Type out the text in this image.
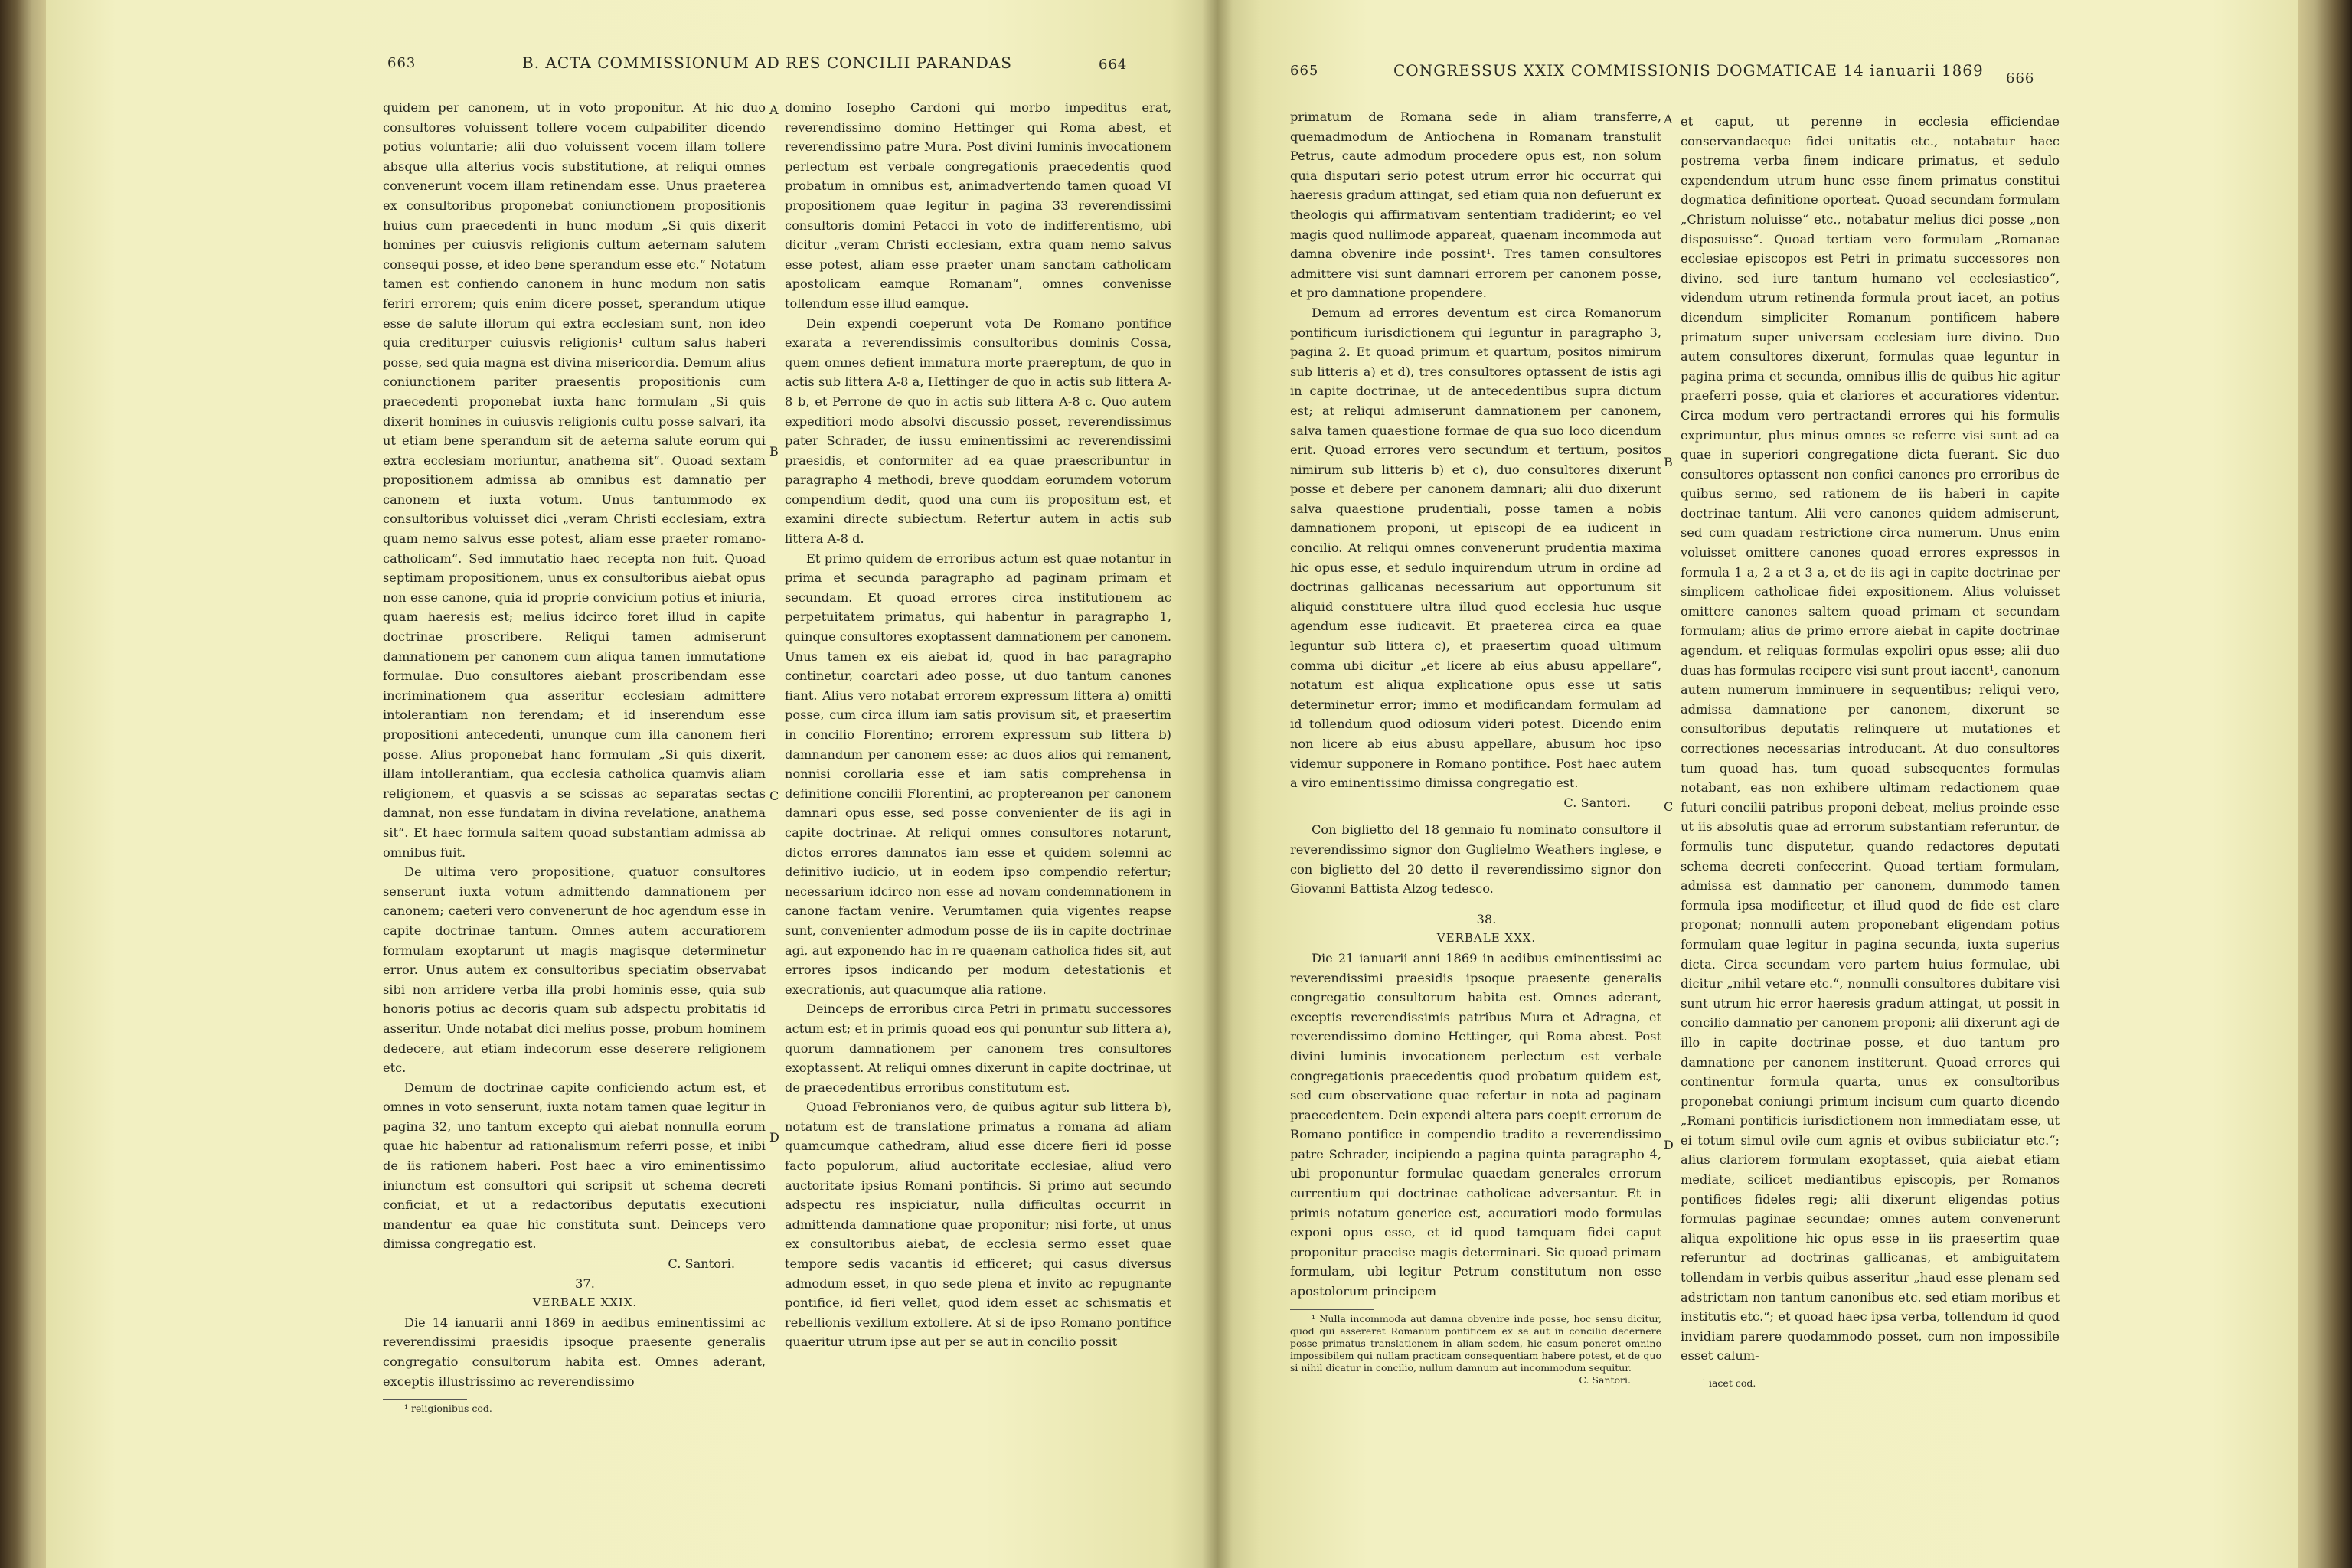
663	B. ACTA COMMISSIONUM AD RES CONCILII PARANDAS	664

quidem per canonem, ut in voto proponitur. At hic duo consultores voluissent tollere vocem culpabiliter dicendo potius voluntarie; alii duo voluissent vocem illam tollere absque ulla alterius vocis substitutione, at reliqui omnes convenerunt vocem illam retinendam esse. Unus praeterea ex consultoribus proponebat coniunctionem propositionis huius cum praecedenti in hunc modum „Si quis dixerit homines per cuiusvis religionis cultum aeternam salutem consequi posse, et ideo bene sperandum esse etc.“ Notatum tamen est confiendo canonem in hunc modum non satis feriri errorem; quis enim dicere posset, sperandum utique esse de salute illorum qui extra ecclesiam sunt, non ideo quia crediturper cuiusvis religionis¹ cultum salus haberi posse, sed quia magna est divina misericordia. Demum alius coniunctionem pariter praesentis propositionis cum praecedenti proponebat iuxta hanc formulam „Si quis dixerit homines in cuiusvis religionis cultu posse salvari, ita ut etiam bene sperandum sit de aeterna salute eorum qui extra ecclesiam moriuntur, anathema sit“. Quoad sextam propositionem admissa ab omnibus est damnatio per canonem et iuxta votum. Unus tantummodo ex consultoribus voluisset dici „veram Christi ecclesiam, extra quam nemo salvus esse potest, aliam esse praeter romano-catholicam“. Sed immutatio haec recepta non fuit. Quoad septimam propositionem, unus ex consultoribus aiebat opus non esse canone, quia id proprie convicium potius et iniuria, quam haeresis est; melius idcirco foret illud in capite doctrinae proscribere. Reliqui tamen admiserunt damnationem per canonem cum aliqua tamen immutatione formulae. Duo consultores aiebant proscribendam esse incriminationem qua asseritur ecclesiam admittere intolerantiam non ferendam; et id inserendum esse propositioni antecedenti, ununque cum illa canonem fieri posse. Alius proponebat hanc formulam „Si quis dixerit, illam intollerantiam, qua ecclesia catholica quamvis aliam religionem, et quasvis a se scissas ac separatas sectas damnat, non esse fundatam in divina revelatione, anathema sit“. Et haec formula saltem quoad substantiam admissa ab omnibus fuit.

De ultima vero propositione, quatuor consultores senserunt iuxta votum admittendo damnationem per canonem; caeteri vero convenerunt de hoc agendum esse in capite doctrinae tantum. Omnes autem accuratiorem formulam exoptarunt ut magis magisque determinetur error. Unus autem ex consultoribus speciatim observabat sibi non arridere verba illa probi hominis esse, quia sub honoris potius ac decoris quam sub adspectu probitatis id asseritur. Unde notabat dici melius posse, probum hominem dedecere, aut etiam indecorum esse deserere religionem etc.

Demum de doctrinae capite conficiendo actum est, et omnes in voto senserunt, iuxta notam tamen quae legitur in pagina 32, uno tantum excepto qui aiebat nonnulla eorum quae hic habentur ad rationalismum referri posse, et inibi de iis rationem haberi. Post haec a viro eminentissimo iniunctum est consultori qui scripsit ut schema decreti conficiat, et ut a redactoribus deputatis executioni mandentur ea quae hic constituta sunt. Deinceps vero dimissa congregatio est.

C. Santori.

37.

VERBALE XXIX.

Die 14 ianuarii anni 1869 in aedibus eminentissimi ac reverendissimi praesidis ipsoque praesente generalis congregatio consultorum habita est. Omnes aderant, exceptis illustrissimo ac reverendissimo

¹ religionibus cod.

A
B
C
D

domino Iosepho Cardoni qui morbo impeditus erat, reverendissimo domino Hettinger qui Roma abest, et reverendissimo patre Mura. Post divini luminis invocationem perlectum est verbale congregationis praecedentis quod probatum in omnibus est, animadvertendo tamen quoad VI propositionem quae legitur in pagina 33 reverendissimi consultoris domini Petacci in voto de indifferentismo, ubi dicitur „veram Christi ecclesiam, extra quam nemo salvus esse potest, aliam esse praeter unam sanctam catholicam apostolicam eamque Romanam“, omnes convenisse tollendum esse illud eamque.

Dein expendi coeperunt vota De Romano pontifice exarata a reverendissimis consultoribus dominis Cossa, quem omnes defient immatura morte praereptum, de quo in actis sub littera A-8 a, Hettinger de quo in actis sub littera A-8 b, et Perrone de quo in actis sub littera A-8 c. Quo autem expeditiori modo absolvi discussio posset, reverendissimus pater Schrader, de iussu eminentissimi ac reverendissimi praesidis, et conformiter ad ea quae praescribuntur in paragrapho 4 methodi, breve quoddam eorumdem votorum compendium dedit, quod una cum iis propositum est, et examini directe subiectum. Refertur autem in actis sub littera A-8 d.

Et primo quidem de erroribus actum est quae notantur in prima et secunda paragrapho ad paginam primam et secundam. Et quoad errores circa institutionem ac perpetuitatem primatus, qui habentur in paragrapho 1, quinque consultores exoptassent damnationem per canonem. Unus tamen ex eis aiebat id, quod in hac paragrapho continetur, coarctari adeo posse, ut duo tantum canones fiant. Alius vero notabat errorem expressum littera a) omitti posse, cum circa illum iam satis provisum sit, et praesertim in concilio Florentino; errorem expressum sub littera b) damnandum per canonem esse; ac duos alios qui remanent, nonnisi corollaria esse et iam satis comprehensa in definitione concilii Florentini, ac proptereanon per canonem damnari opus esse, sed posse convenienter de iis agi in capite doctrinae. At reliqui omnes consultores notarunt, dictos errores damnatos iam esse et quidem solemni ac definitivo iudicio, ut in eodem ipso compendio refertur; necessarium idcirco non esse ad novam condemnationem in canone factam venire. Verumtamen quia vigentes reapse sunt, convenienter admodum posse de iis in capite doctrinae agi, aut exponendo hac in re quaenam catholica fides sit, aut errores ipsos indicando per modum detestationis et execrationis, aut quacumque alia ratione.

Deinceps de erroribus circa Petri in primatu successores actum est; et in primis quoad eos qui ponuntur sub littera a), quorum damnationem per canonem tres consultores exoptassent. At reliqui omnes dixerunt in capite doctrinae, ut de praecedentibus erroribus constitutum est.

Quoad Febronianos vero, de quibus agitur sub littera b), notatum est de translatione primatus a romana ad aliam quamcumque cathedram, aliud esse dicere fieri id posse facto populorum, aliud auctoritate ecclesiae, aliud vero auctoritate ipsius Romani pontificis. Si primo aut secundo adspectu res inspiciatur, nulla difficultas occurrit in admittenda damnatione quae proponitur; nisi forte, ut unus ex consultoribus aiebat, de ecclesia sermo esset quae tempore sedis vacantis id efficeret; qui casus diversus admodum esset, in quo sede plena et invito ac repugnante pontifice, id fieri vellet, quod idem esset ac schismatis et rebellionis vexillum extollere. At si de ipso Romano pontifice quaeritur utrum ipse aut per se aut in concilio possit

665	CONGRESSUS XXIX COMMISSIONIS DOGMATICAE 14 ianuarii 1869 666

primatum de Romana sede in aliam transferre, quemadmodum de Antiochena in Romanam transtulit Petrus, caute admodum procedere opus est, non solum quia disputari serio potest utrum error hic occurrat qui haeresis gradum attingat, sed etiam quia non defuerunt ex theologis qui affirmativam sententiam tradiderint; eo vel magis quod nullimode appareat, quaenam incommoda aut damna obvenire inde possint¹. Tres tamen consultores admittere visi sunt damnari errorem per canonem posse, et pro damnatione propendere.

Demum ad errores deventum est circa Romanorum pontificum iurisdictionem qui leguntur in paragrapho 3, pagina 2. Et quoad primum et quartum, positos nimirum sub litteris a) et d), tres consultores optassent de istis agi in capite doctrinae, ut de antecedentibus supra dictum est; at reliqui admiserunt damnationem per canonem, salva tamen quaestione formae de qua suo loco dicendum erit. Quoad errores vero secundum et tertium, positos nimirum sub litteris b) et c), duo consultores dixerunt posse et debere per canonem damnari; alii duo dixerunt salva quaestione prudentiali, posse tamen a nobis damnationem proponi, ut episcopi de ea iudicent in concilio. At reliqui omnes convenerunt prudentia maxima hic opus esse, et sedulo inquirendum utrum in ordine ad doctrinas gallicanas necessarium aut opportunum sit aliquid constituere ultra illud quod ecclesia huc usque agendum esse iudicavit. Et praeterea circa ea quae leguntur sub littera c), et praesertim quoad ultimum comma ubi dicitur „et licere ab eius abusu appellare“, notatum est aliqua explicatione opus esse ut satis determinetur error; immo et modificandam formulam ad id tollendum quod odiosum videri potest. Dicendo enim non licere ab eius abusu appellare, abusum hoc ipso videmur supponere in Romano pontifice. Post haec autem a viro eminentissimo dimissa congregatio est.

C. Santori.

Con biglietto del 18 gennaio fu nominato consultore il reverendissimo signor don Guglielmo Weathers inglese, e con biglietto del 20 detto il reverendissimo signor don Giovanni Battista Alzog tedesco.

38.

VERBALE XXX.

Die 21 ianuarii anni 1869 in aedibus eminentissimi ac reverendissimi praesidis ipsoque praesente generalis congregatio consultorum habita est. Omnes aderant, exceptis reverendissimis patribus Mura et Adragna, et reverendissimo domino Hettinger, qui Roma abest. Post divini luminis invocationem perlectum est verbale congregationis praecedentis quod probatum quidem est, sed cum observatione quae refertur in nota ad paginam praecedentem. Dein expendi altera pars coepit errorum de Romano pontifice in compendio tradito a reverendissimo patre Schrader, incipiendo a pagina quinta paragrapho 4, ubi proponuntur formulae quaedam generales errorum currentium qui doctrinae catholicae adversantur. Et in primis notatum generice est, accuratiori modo formulas exponi opus esse, et id quod tamquam fidei caput proponitur praecise magis determinari. Sic quoad primam formulam, ubi legitur Petrum constitutum non esse apostolorum principem

¹ Nulla incommoda aut damna obvenire inde posse, hoc sensu dicitur, quod qui assereret Romanum pontificem ex se aut in concilio decernere posse primatus translationem in aliam sedem, hic casum poneret omnino impossibilem qui nullam practicam consequentiam habere potest, et de quo si nihil dicatur in concilio, nullum damnum aut incommodum sequitur.

C. Santori.

A
B
C
D

et caput, ut perenne in ecclesia efficiendae conservandaeque fidei unitatis etc., notabatur haec postrema verba finem indicare primatus, et sedulo expendendum utrum hunc esse finem primatus constitui dogmatica definitione oporteat. Quoad secundam formulam „Christum noluisse“ etc., notabatur melius dici posse „non disposuisse“. Quoad tertiam vero formulam „Romanae ecclesiae episcopos est Petri in primatu successores non divino, sed iure tantum humano vel ecclesiastico“, videndum utrum retinenda formula prout iacet, an potius dicendum simpliciter Romanum pontificem habere primatum super universam ecclesiam iure divino. Duo autem consultores dixerunt, formulas quae leguntur in pagina prima et secunda, omnibus illis de quibus hic agitur praeferri posse, quia et clariores et accuratiores videntur. Circa modum vero pertractandi errores qui his formulis exprimuntur, plus minus omnes se referre visi sunt ad ea quae in superiori congregatione dicta fuerant. Sic duo consultores optassent non confici canones pro erroribus de quibus sermo, sed rationem de iis haberi in capite doctrinae tantum. Alii vero canones quidem admiserunt, sed cum quadam restrictione circa numerum. Unus enim voluisset omittere canones quoad errores expressos in formula 1 a, 2 a et 3 a, et de iis agi in capite doctrinae per simplicem catholicae fidei expositionem. Alius voluisset omittere canones saltem quoad primam et secundam formulam; alius de primo errore aiebat in capite doctrinae agendum, et reliquas formulas expoliri opus esse; alii duo duas has formulas recipere visi sunt prout iacent¹, canonum autem numerum imminuere in sequentibus; reliqui vero, admissa damnatione per canonem, dixerunt se consultoribus deputatis relinquere ut mutationes et correctiones necessarias introducant. At duo consultores tum quoad has, tum quoad subsequentes formulas notabant, eas non exhibere ultimam redactionem quae futuri concilii patribus proponi debeat, melius proinde esse ut iis absolutis quae ad errorum substantiam referuntur, de formulis tunc disputetur, quando redactores deputati schema decreti confecerint. Quoad tertiam formulam, admissa est damnatio per canonem, dummodo tamen formula ipsa modificetur, et illud quod de fide est clare proponat; nonnulli autem proponebant eligendam potius formulam quae legitur in pagina secunda, iuxta superius dicta. Circa secundam vero partem huius formulae, ubi dicitur „nihil vetare etc.“, nonnulli consultores dubitare visi sunt utrum hic error haeresis gradum attingat, ut possit in concilio damnatio per canonem proponi; alii dixerunt agi de illo in capite doctrinae posse, et duo tantum pro damnatione per canonem institerunt. Quoad errores qui continentur formula quarta, unus ex consultoribus proponebat coniungi primum incisum cum quarto dicendo „Romani pontificis iurisdictionem non immediatam esse, ut ei totum simul ovile cum agnis et ovibus subiiciatur etc.“; alius clariorem formulam exoptasset, quia aiebat etiam mediate, scilicet mediantibus episcopis, per Romanos pontifices fideles regi; alii dixerunt eligendas potius formulas paginae secundae; omnes autem convenerunt aliqua expolitione hic opus esse in iis praesertim quae referuntur ad doctrinas gallicanas, et ambiguitatem tollendam in verbis quibus asseritur „haud esse plenam sed adstrictam non tantum canonibus etc. sed etiam moribus et institutis etc.“; et quoad haec ipsa verba, tollendum id quod invidiam parere quodammodo posset, cum non impossibile esset calum-

¹ iacet cod.
